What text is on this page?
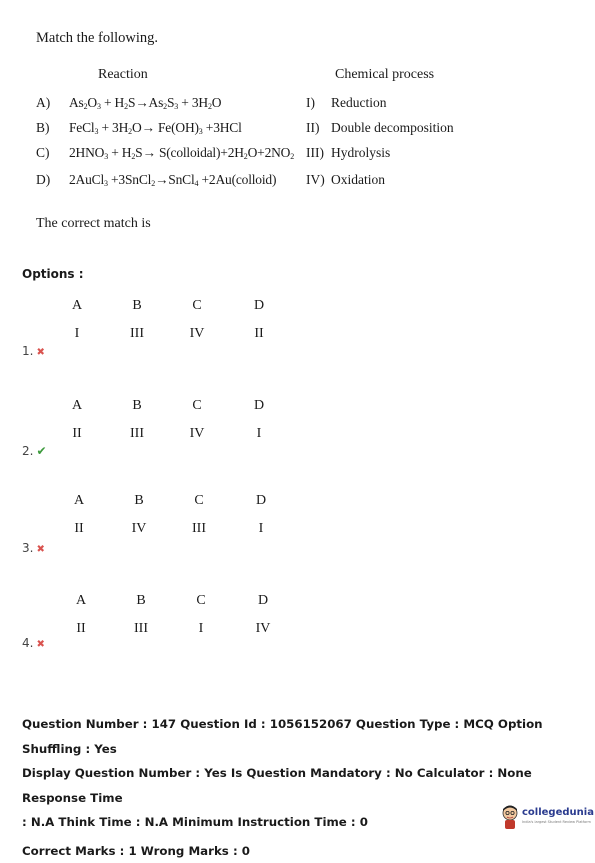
Match the following.
Reaction	Chemical process
A) $As_2O_3 + H_2S\to As_2S_3 + 3H_2O$	I)	Reduction
B) FeCl$_3$ + $3H_2O\to Fe(OH)_3 +3HCl$	II) Double decomposition
C) $2HNO_3 + H_2S\to$ $S(colloidal)+2H_2O+2NO_2$ III) Hydrolysis
D) 2AuCl$_3$ +3SnCl$_2$→SnCl$_4$ +2Au(colloid) IV) Oxidation
The correct match is
Options :
A	B	C	D
I	III	IV	II
1. ✖
A	B	C	D
II	III	IV	I
2. ✔
A	B	C	D
II	IV	III	I
3. ✖
A	B	C	D
II	III	I	IV
4. ✖

Question Number : 147 Question Id : 1056152067 Question Type : MCQ Option Shuffling : Yes

Display Question Number : Yes Is Question Mandatory : No Calculator : None Response Time

: N.A Think Time : N.A Minimum Instruction Time : 0

Correct Marks : 1 Wrong Marks : 0

collegedunia
India's largest Student Review Platform
